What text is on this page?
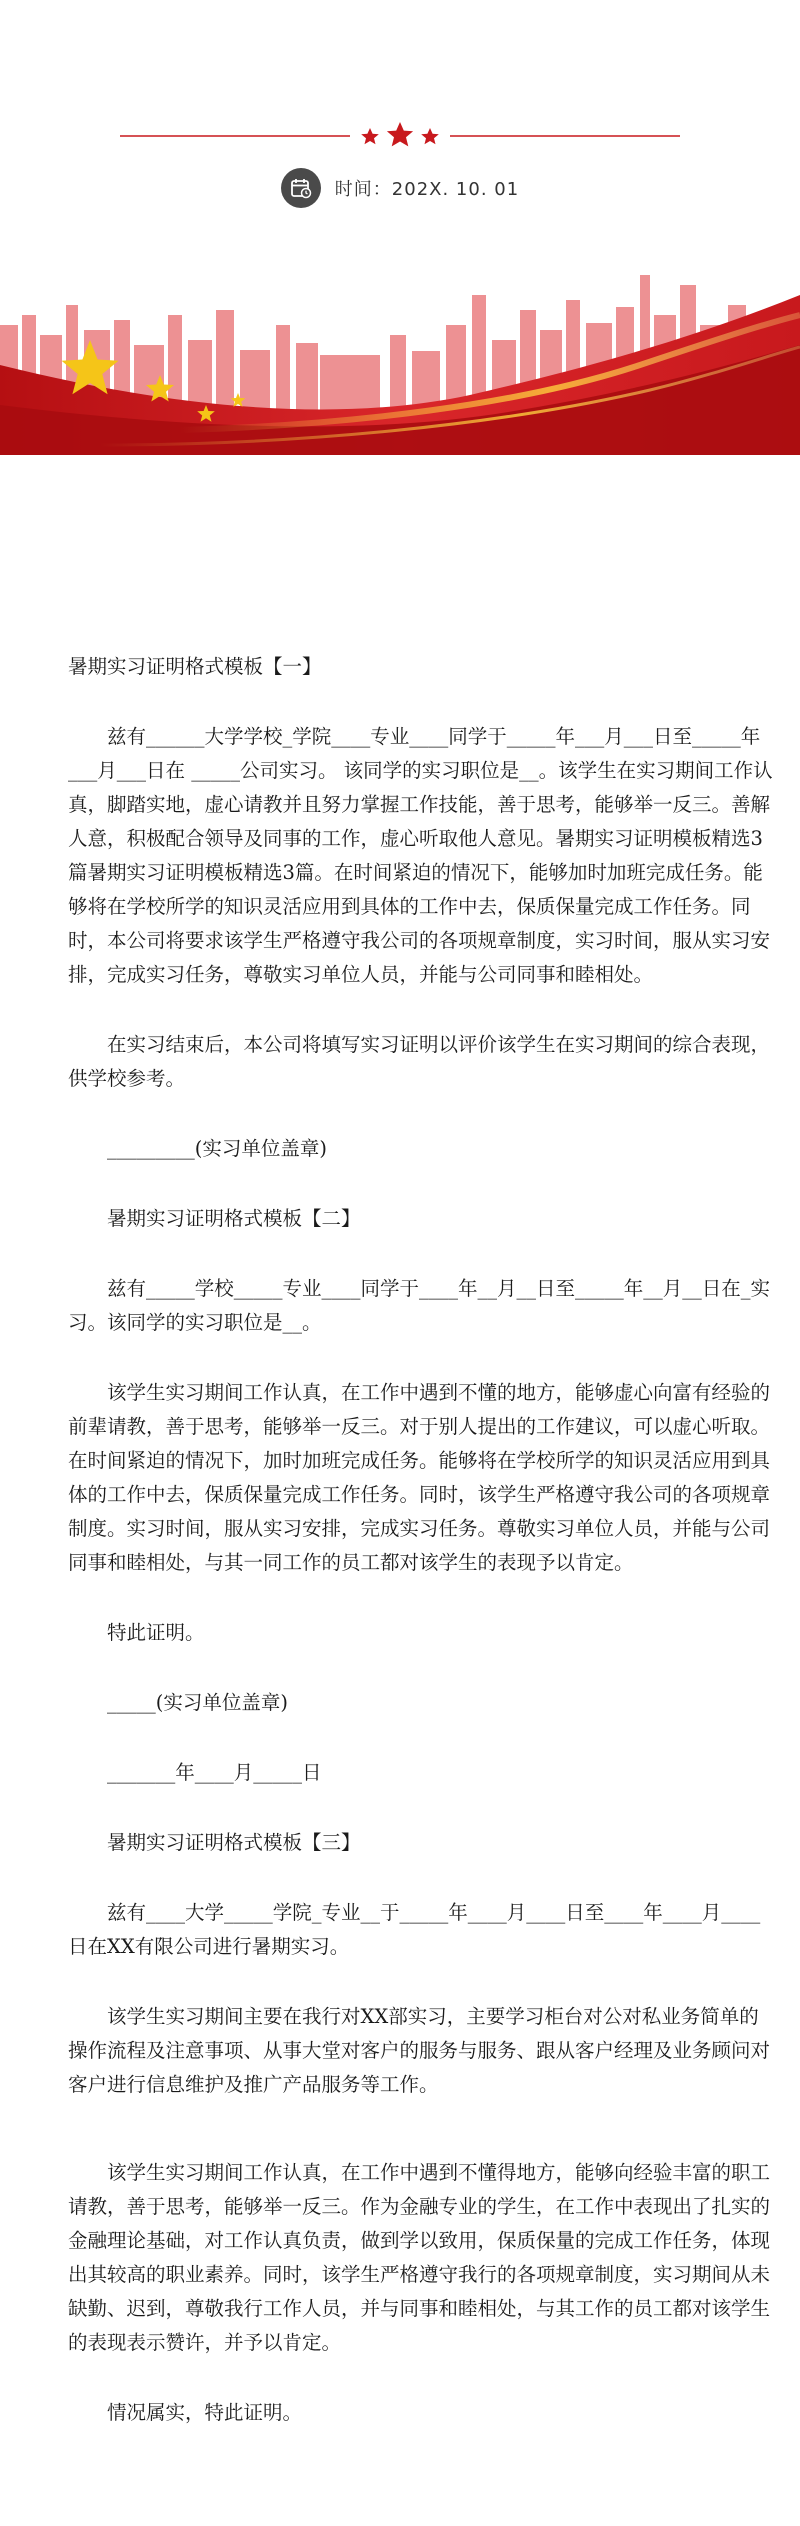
时间：202X. 10. 01

暑期实习证明格式模板【一】

兹有______大学学校_学院____专业____同学于_____年___月___日至_____年___月___日在 _____公司实习。 该同学的实习职位是__。该学生在实习期间工作认真，脚踏实地，虚心请教并且努力掌握工作技能，善于思考，能够举一反三。善解人意，积极配合领导及同事的工作，虚心听取他人意见。暑期实习证明模板精选3篇暑期实习证明模板精选3篇。在时间紧迫的情况下，能够加时加班完成任务。能够将在学校所学的知识灵活应用到具体的工作中去，保质保量完成工作任务。同时，本公司将要求该学生严格遵守我公司的各项规章制度，实习时间，服从实习安排，完成实习任务，尊敬实习单位人员，并能与公司同事和睦相处。

在实习结束后，本公司将填写实习证明以评价该学生在实习期间的综合表现，供学校参考。

_________(实习单位盖章)

暑期实习证明格式模板【二】

兹有_____学校_____专业____同学于____年__月__日至_____年__月__日在_实习。该同学的实习职位是__。

该学生实习期间工作认真，在工作中遇到不懂的地方，能够虚心向富有经验的前辈请教，善于思考，能够举一反三。对于别人提出的工作建议，可以虚心听取。在时间紧迫的情况下，加时加班完成任务。能够将在学校所学的知识灵活应用到具体的工作中去，保质保量完成工作任务。同时，该学生严格遵守我公司的各项规章制度。实习时间，服从实习安排，完成实习任务。尊敬实习单位人员，并能与公司同事和睦相处，与其一同工作的员工都对该学生的表现予以肯定。

特此证明。

_____(实习单位盖章)

_______年____月_____日

暑期实习证明格式模板【三】

兹有____大学_____学院_专业__于_____年____月____日至____年____月____日在XX有限公司进行暑期实习。

该学生实习期间主要在我行对XX部实习，主要学习柜台对公对私业务简单的操作流程及注意事项、从事大堂对客户的服务与服务、跟从客户经理及业务顾问对客户进行信息维护及推广产品服务等工作。

该学生实习期间工作认真，在工作中遇到不懂得地方，能够向经验丰富的职工请教，善于思考，能够举一反三。作为金融专业的学生，在工作中表现出了扎实的金融理论基础，对工作认真负责，做到学以致用，保质保量的完成工作任务，体现出其较高的职业素养。同时，该学生严格遵守我行的各项规章制度，实习期间从未缺勤、迟到，尊敬我行工作人员，并与同事和睦相处，与其工作的员工都对该学生的表现表示赞许，并予以肯定。

情况属实，特此证明。
